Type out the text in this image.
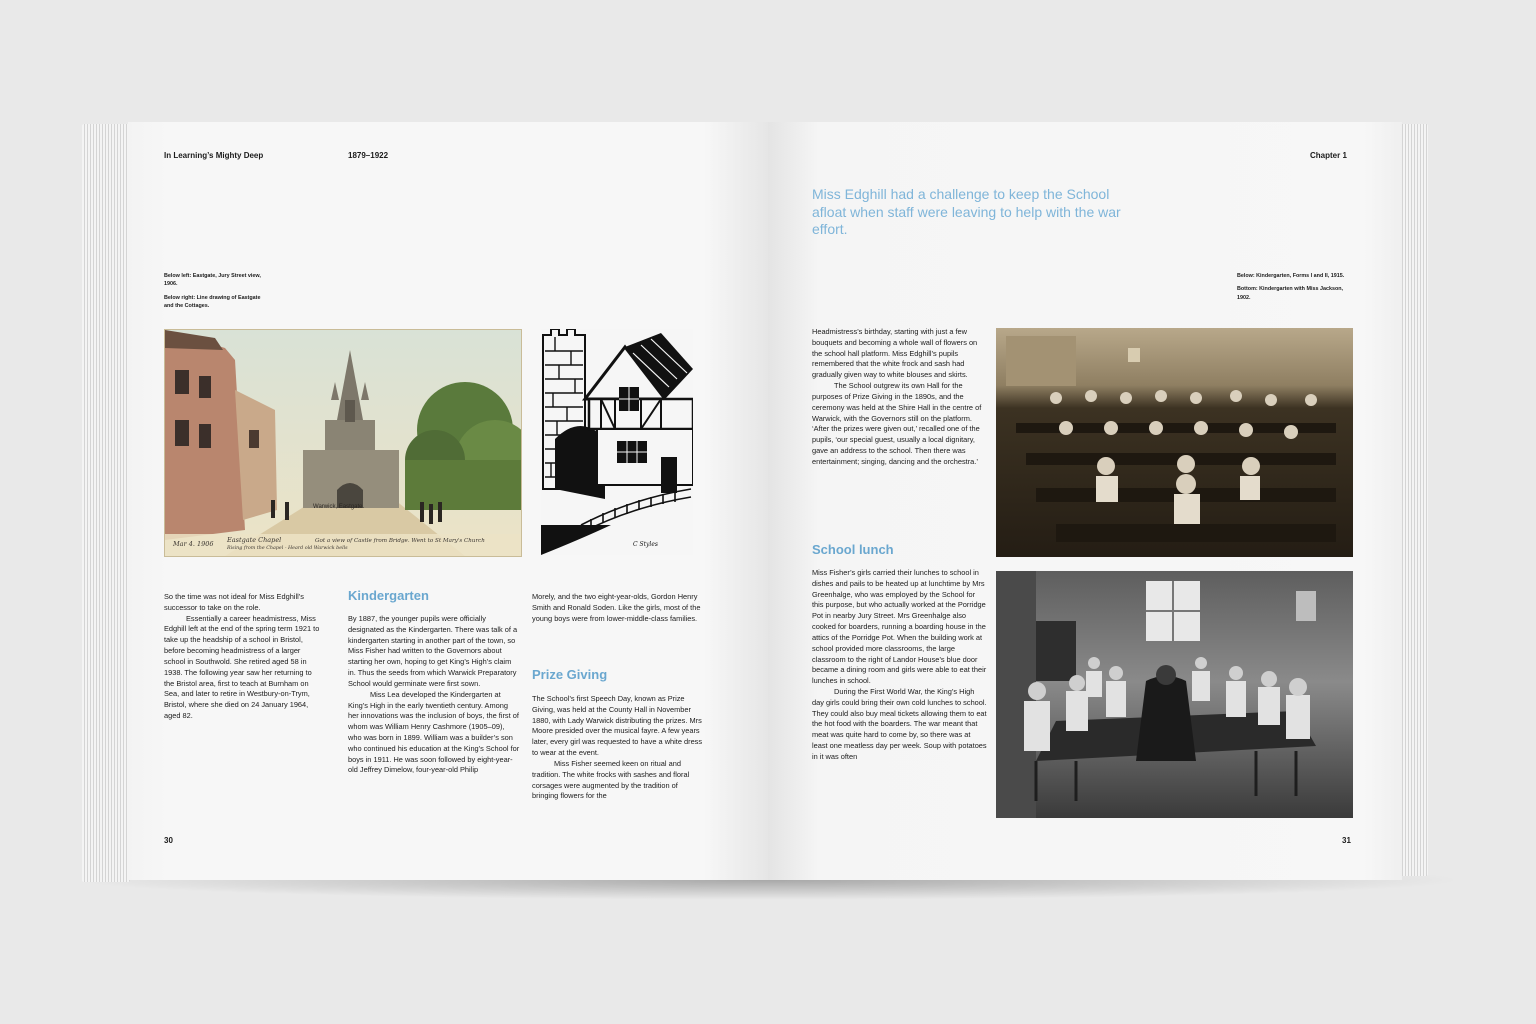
In Learning’s Mighty Deep	1879–1922

Below left: Eastgate, Jury Street view, 1906.

Below right: Line drawing of Eastgate and the Cottages.

Warwick, Eastgate.
Mar 4. 1906 Eastgate Chapel	Got a view of Castle from Bridge. Went to St Mary's Church
Rising from the Chapel - Heard old Warwick bells
C Styles

So the time was not ideal for Miss Edghill’s successor to take on the role.

Essentially a career headmistress, Miss Edghill left at the end of the spring term 1921 to take up the headship of a school in Bristol, before becoming headmistress of a larger school in Southwold. She retired aged 58 in 1938. The following year saw her returning to the Bristol area, first to teach at Burnham on Sea, and later to retire in Westbury-on-Trym, Bristol, where she died on 24 January 1964, aged 82.

Kindergarten

By 1887, the younger pupils were officially designated as the Kindergarten. There was talk of a kindergarten starting in another part of the town, so Miss Fisher had written to the Governors about starting her own, hoping to get King’s High’s claim in. Thus the seeds from which Warwick Preparatory School would germinate were first sown.

Miss Lea developed the Kindergarten at King’s High in the early twentieth century. Among her innovations was the inclusion of boys, the first of whom was William Henry Cashmore (1905–09), who was born in 1899. William was a builder’s son who continued his education at the King’s School for boys in 1911. He was soon followed by eight-year-old Jeffrey Dimelow, four-year-old Philip

Morely, and the two eight-year-olds, Gordon Henry Smith and Ronald Soden. Like the girls, most of the young boys were from lower-middle-class families.

Prize Giving

The School’s first Speech Day, known as Prize Giving, was held at the County Hall in November 1880, with Lady Warwick distributing the prizes. Mrs Moore presided over the musical fayre. A few years later, every girl was requested to have a white dress to wear at the event.

Miss Fisher seemed keen on ritual and tradition. The white frocks with sashes and floral corsages were augmented by the tradition of bringing flowers for the

30
Chapter 1
Miss Edghill had a challenge to keep the School afloat when staff were leaving to help with the war effort.

Below: Kindergarten, Forms I and II, 1915.

Bottom: Kindergarten with Miss Jackson, 1902.

Headmistress’s birthday, starting with just a few bouquets and becoming a whole wall of flowers on the school hall platform. Miss Edghill’s pupils remembered that the white frock and sash had gradually given way to white blouses and skirts.

The School outgrew its own Hall for the purposes of Prize Giving in the 1890s, and the ceremony was held at the Shire Hall in the centre of Warwick, with the Governors still on the platform. ‘After the prizes were given out,’ recalled one of the pupils, ‘our special guest, usually a local dignitary, gave an address to the school. Then there was entertainment; singing, dancing and the orchestra.’

School lunch

Miss Fisher’s girls carried their lunches to school in dishes and pails to be heated up at lunchtime by Mrs Greenhalge, who was employed by the School for this purpose, but who actually worked at the Porridge Pot in nearby Jury Street. Mrs Greenhalge also cooked for boarders, running a boarding house in the attics of the Porridge Pot. When the building work at school provided more classrooms, the large classroom to the right of Landor House’s blue door became a dining room and girls were able to eat their lunches in school.

During the First World War, the King’s High day girls could bring their own cold lunches to school. They could also buy meal tickets allowing them to eat the hot food with the boarders. The war meant that meat was quite hard to come by, so there was at least one meatless day per week. Soup with potatoes in it was often

31
